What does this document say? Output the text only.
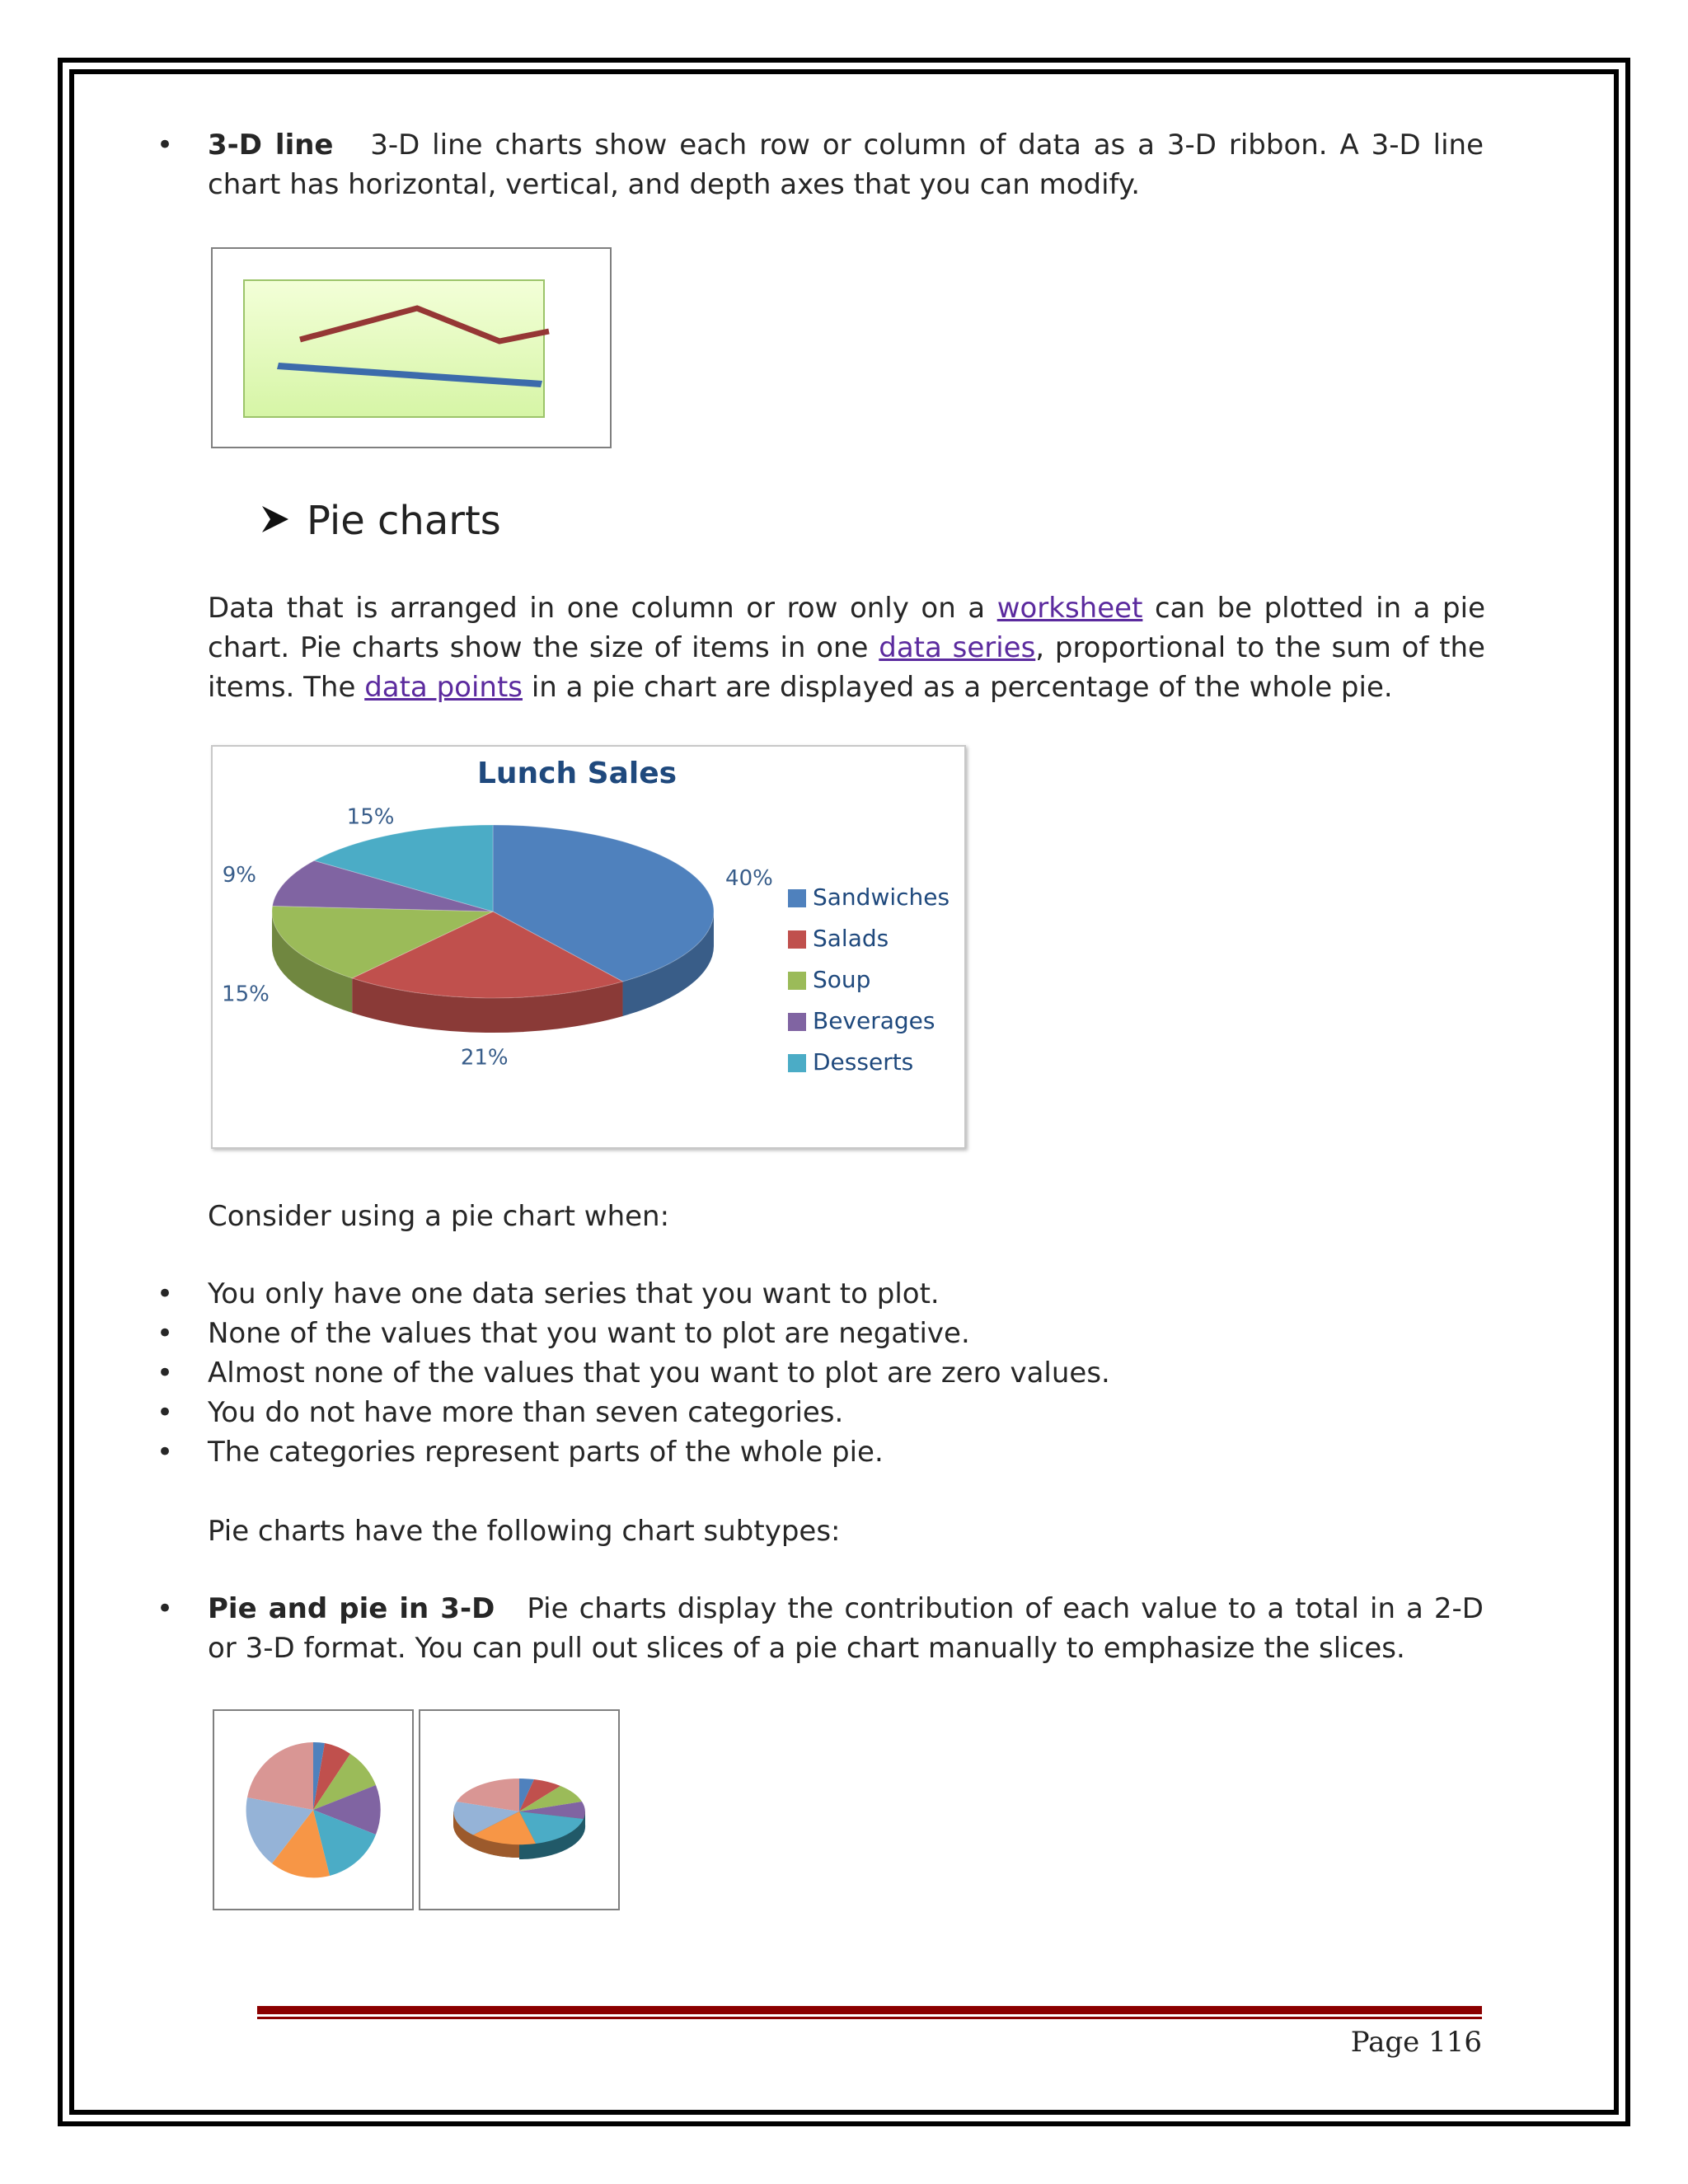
•	3-D line 3-D line charts show each row or column of data as a 3-D ribbon. A 3-D line chart has horizontal, vertical, and depth axes that you can modify.
Pie charts
Data that is arranged in one column or row only on a worksheet can be plotted in a pie chart. Pie charts show the size of items in one data series, proportional to the sum of the items. The data points in a pie chart are displayed as a percentage of the whole pie.
Lunch Sales
40%
21%
15%
9%
15%
Sandwiches
Salads
Soup
Beverages
Desserts
Consider using a pie chart when:
•	You only have one data series that you want to plot.
•	None of the values that you want to plot are negative.
•	Almost none of the values that you want to plot are zero values.
•	You do not have more than seven categories.
•	The categories represent parts of the whole pie.
Pie charts have the following chart subtypes:
•	Pie and pie in 3-D Pie charts display the contribution of each value to a total in a 2-D or 3-D format. You can pull out slices of a pie chart manually to emphasize the slices.
Page 116
